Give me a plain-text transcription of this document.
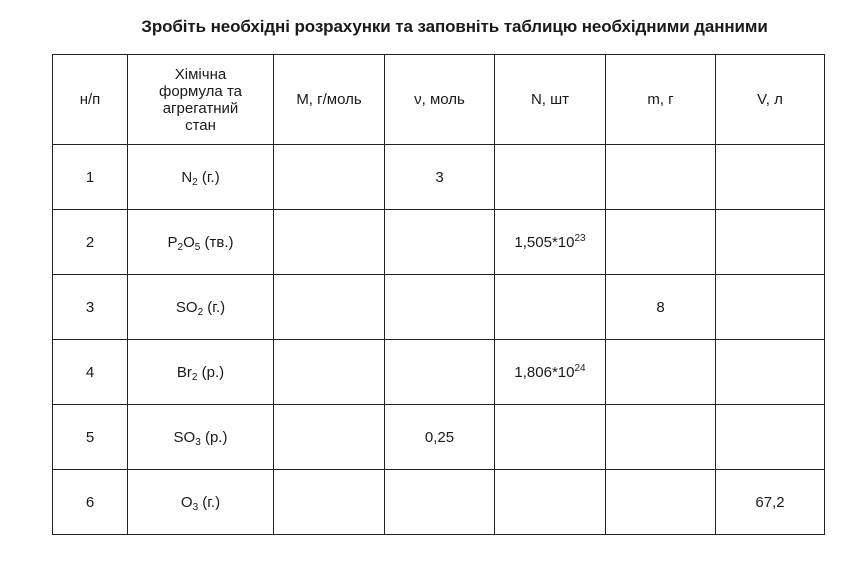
Зробіть необхідні розрахунки та заповніть таблицю необхідними данними
н/п	Хімічна
формула та
агрегатний
стан	М, г/моль	ν, моль	N, шт	m, г	V, л
1	$N_2$ (г.)		3			
2	$P_2O_5$ (тв.)			$1,505*10^{23}$		
3	$SO_2$ (г.)				8	
4	$Br_2$ (р.)			$1,806*10^{24}$		
5	$SO_3$ (р.)		0,25			
6	$O_3$ (г.)					67,2
